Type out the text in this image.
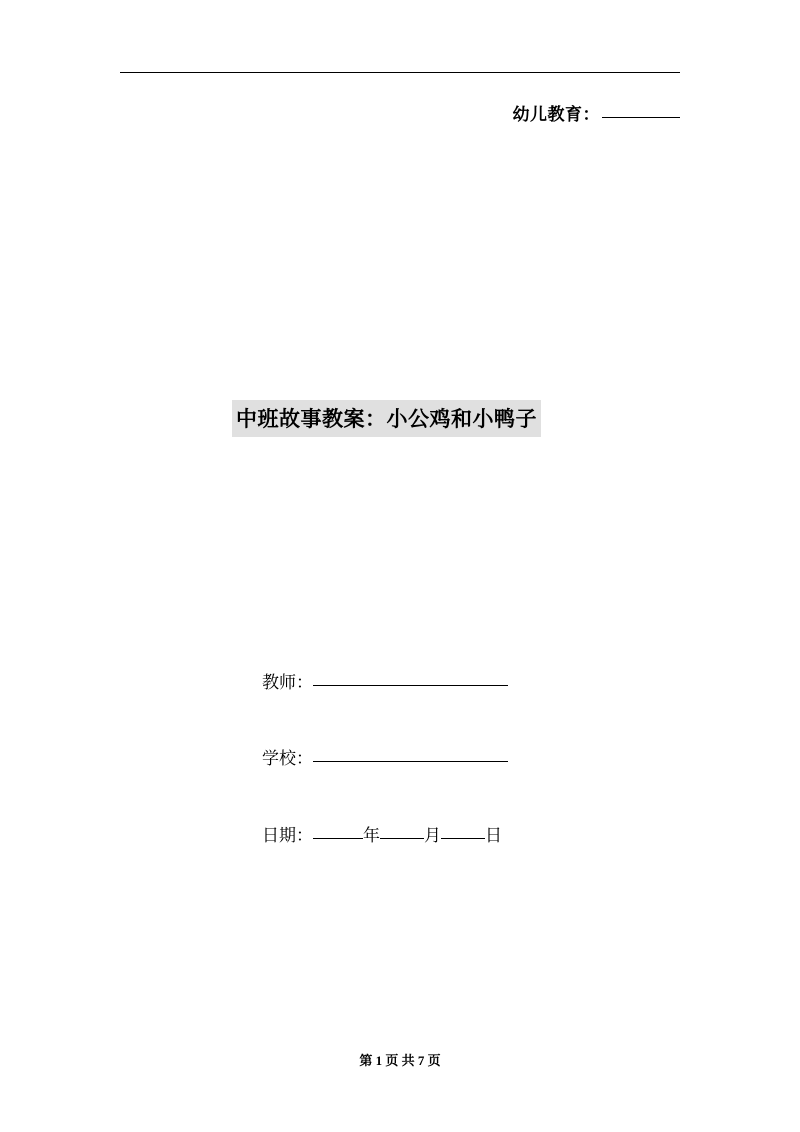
幼儿教育：
中班故事教案：小公鸡和小鸭子
教师：
学校：
日期：	年	月	日
第 1 页 共 7 页
